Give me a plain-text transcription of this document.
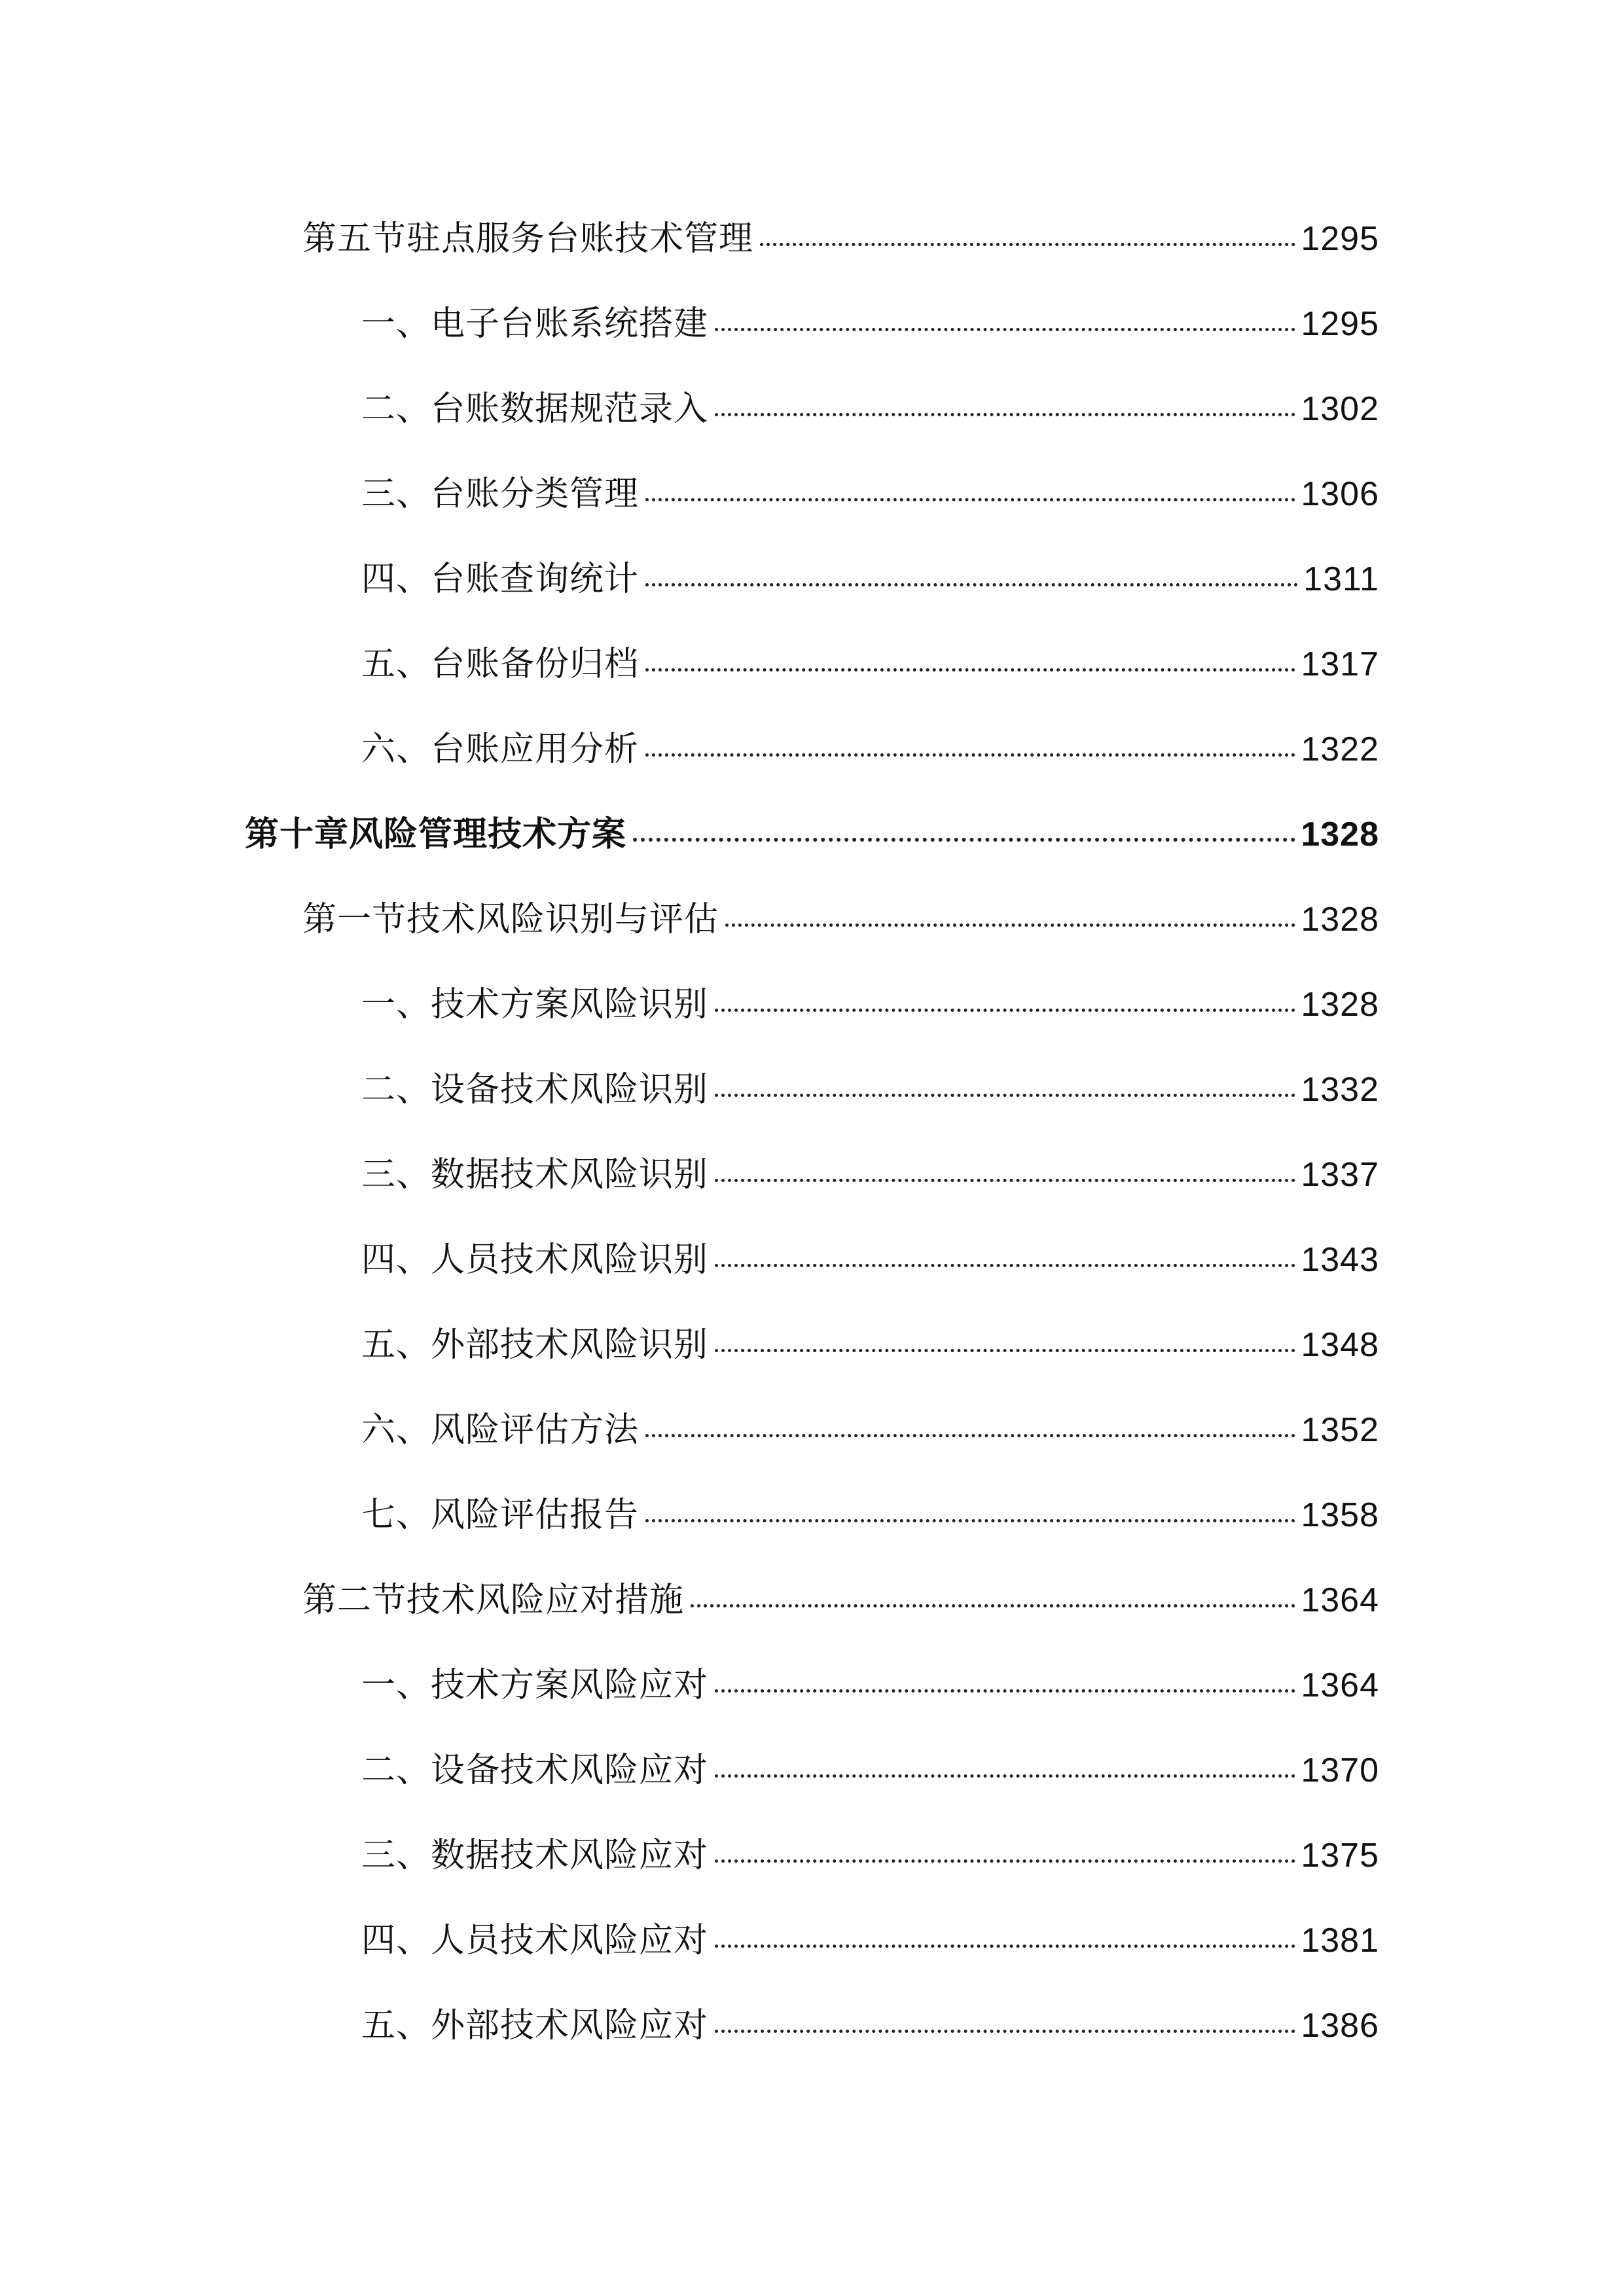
第五节驻点服务台账技术管理	1295
一、电子台账系统搭建	1295
二、台账数据规范录入	1302
三、台账分类管理	1306
四、台账查询统计	1311
五、台账备份归档	1317
六、台账应用分析	1322
第十章风险管理技术方案	1328
第一节技术风险识别与评估	1328
一、技术方案风险识别	1328
二、设备技术风险识别	1332
三、数据技术风险识别	1337
四、人员技术风险识别	1343
五、外部技术风险识别	1348
六、风险评估方法	1352
七、风险评估报告	1358
第二节技术风险应对措施	1364
一、技术方案风险应对	1364
二、设备技术风险应对	1370
三、数据技术风险应对	1375
四、人员技术风险应对	1381
五、外部技术风险应对	1386
